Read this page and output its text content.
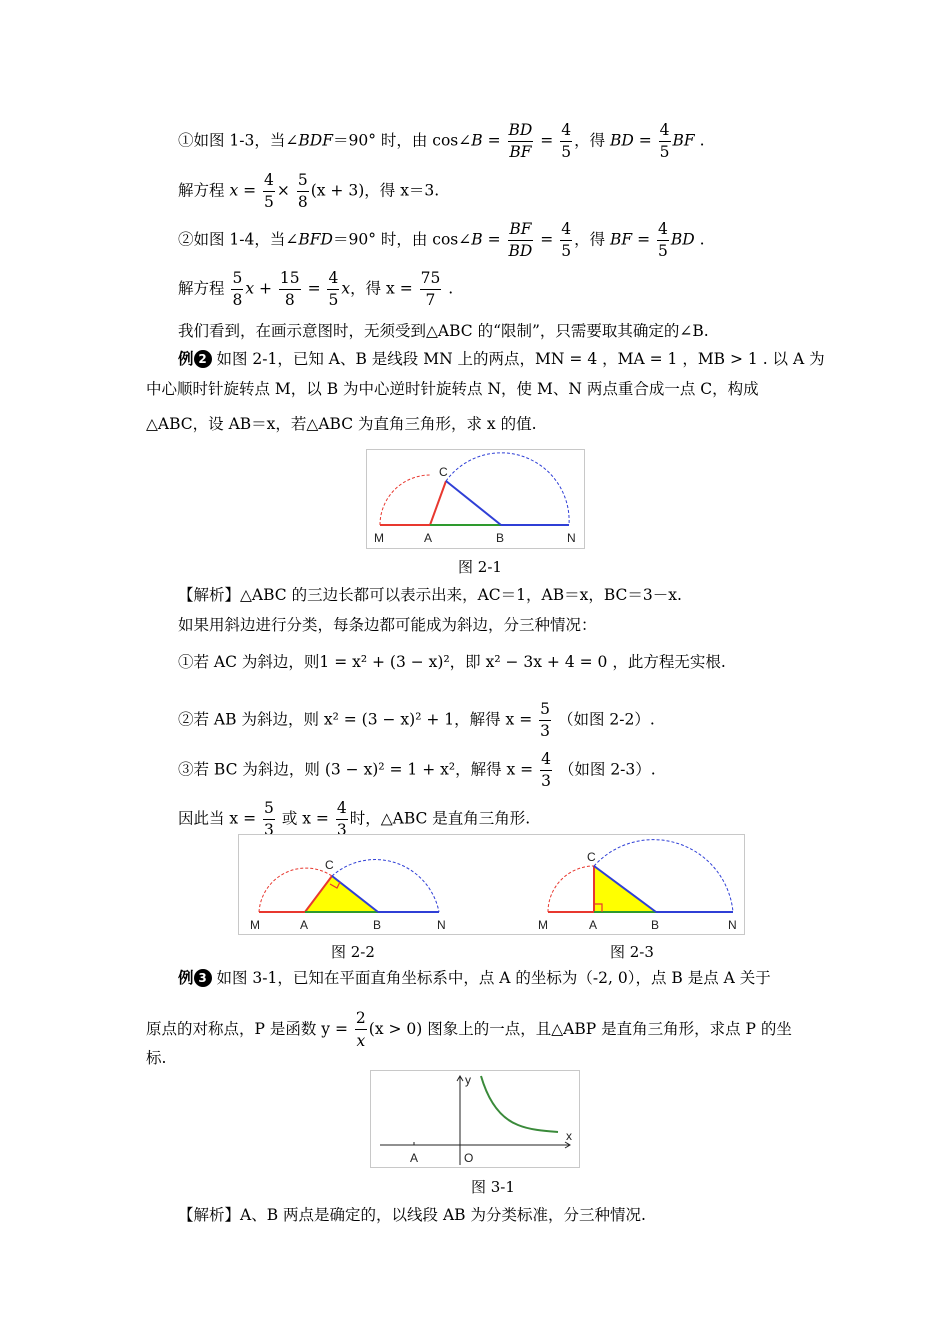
①如图 1-3，当∠BDF＝90° 时，由 cos∠B = $\frac{BD}{BF} = \frac{4}{5}$ ，得 BD = $\frac{4}{5}$ BF .
解方程 $x = \frac{4}{5} \times \frac{5}{8} (x + 3)$，得 x＝3.
②如图 1-4，当∠BFD＝90° 时，由 cos∠B = $\frac{BF}{BD} = \frac{4}{5}$ ，得 BF = $\frac{4}{5}$ BD .
解方程 $\frac{5}{8}$ $x + \frac{15}{8} = \frac{4}{5}$ x，得 $x = \frac{75}{7}$ .
我们看到，在画示意图时，无须受到△ABC 的“限制”，只需要取其确定的∠B.
例 2 如图 2-1，已知 A、B 是线段 MN 上的两点，MN = 4 ，MA = 1 ，MB > 1 . 以 A 为
中心顺时针旋转点 M，以 B 为中心逆时针旋转点 N，使 M、N 两点重合成一点 C，构成
△ABC，设 AB＝x，若△ABC 为直角三角形，求 x 的值.
M	A	B	N
C
图 2-1
【解析】△ABC 的三边长都可以表示出来，AC＝1，AB＝x，BC＝3－x.
如果用斜边进行分类，每条边都可能成为斜边，分三种情况：
①若 AC 为斜边，则1 = x² + (3 − x)²，即 x² − 3x + 4 = 0 ，此方程无实根.
②若 AB 为斜边，则 x² = (3 − x)² + 1，解得 $x = \frac{5}{3}$ （如图 2-2）.
③若 BC 为斜边，则 (3 − x)² = 1 + x²，解得 $x = \frac{4}{3}$ （如图 2-3）.
因此当 $x = \frac{5}{3}$ 或 $x = \frac{4}{3}$ 时，△ABC 是直角三角形.
M	A	B	N
C
M	A	B	N
C
图 2-2	图 2-3
例 3 如图 3-1，已知在平面直角坐标系中，点 A 的坐标为（-2, 0），点 B 是点 A 关于
原点的对称点，P 是函数 $y = \frac{2}{x} (x > 0)$ 图象上的一点，且△ABP 是直角三角形，求点 P 的坐
标.
y
x
A	O
图 3-1
【解析】A、B 两点是确定的，以线段 AB 为分类标准，分三种情况.
